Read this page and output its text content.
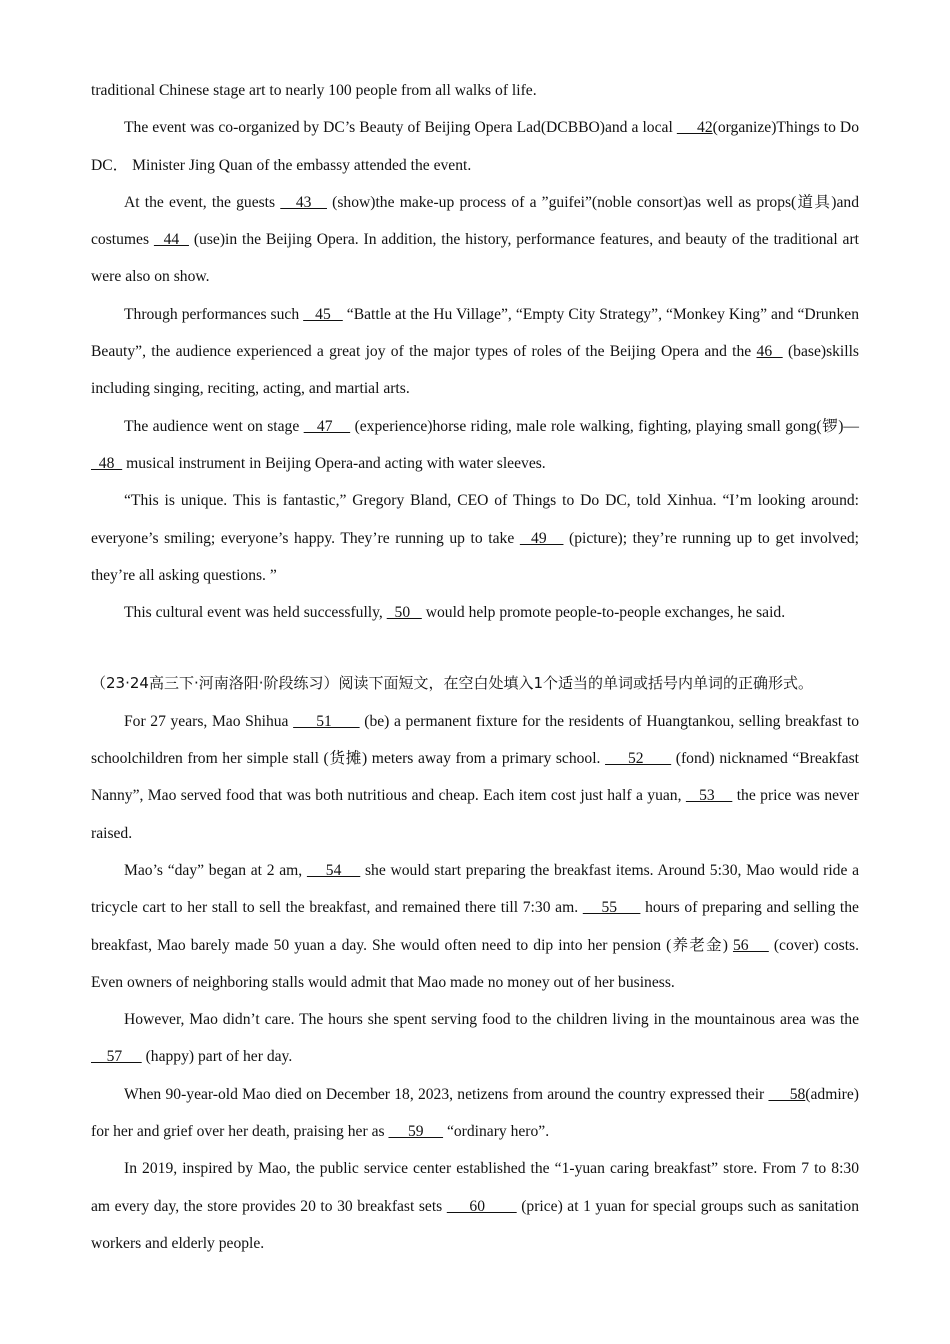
traditional Chinese stage art to nearly 100 people from all walks of life.

The event was co-organized by DC’s Beauty of Beijing Opera Lad(DCBBO)and a local      42(organize)Things to Do DC． Minister Jing Quan of the embassy attended the event.

At the event, the guests    43    (show)the make-up process of a ”guifei”(noble consort)as well as props(道具)and costumes   44   (use)in the Beijing Opera. In addition, the history, performance features, and beauty of the traditional art were also on show.

Through performances such    45    “Battle at the Hu Village”, “Empty City Strategy”, “Monkey King” and “Drunken Beauty”, the audience experienced a great joy of the major types of roles of the Beijing Opera and the 46   (base)skills including singing, reciting, acting, and martial arts.

The audience went on stage    47     (experience)horse riding, male role walking, fighting, playing small gong(锣)—   48   musical instrument in Beijing Opera-and acting with water sleeves.

“This is unique. This is fantastic,” Gregory Bland, CEO of Things to Do DC, told Xinhua. “I’m looking around: everyone’s smiling; everyone’s happy. They’re running up to take   49    (picture); they’re running up to get involved; they’re all asking questions. ”

This cultural event was held successfully,   50    would help promote people-to-people exchanges, he said.

（23·24高三下·河南洛阳·阶段练习）阅读下面短文，在空白处填入1个适当的单词或括号内单词的正确形式。

For 27 years, Mao Shihua      51       (be) a permanent fixture for the residents of Huangtankou, selling breakfast to schoolchildren from her simple stall (货摊) meters away from a primary school.      52       (fond) nicknamed “Breakfast Nanny”, Mao served food that was both nutritious and cheap. Each item cost just half a yuan,    53     the price was never raised.

Mao’s “day” began at 2 am,     54     she would start preparing the breakfast items. Around 5:30, Mao would ride a tricycle cart to her stall to sell the breakfast, and remained there till 7:30 am.     55      hours of preparing and selling the breakfast, Mao barely made 50 yuan a day. She would often need to dip into her pension (养老金) 56     (cover) costs. Even owners of neighboring stalls would admit that Mao made no money out of her business.

However, Mao didn’t care. The hours she spent serving food to the children living in the mountainous area was the     57      (happy) part of her day.

When 90-year-old Mao died on December 18, 2023, netizens from around the country expressed their      58(admire) for her and grief over her death, praising her as      59      “ordinary hero”.

In 2019, inspired by Mao, the public service center established the “1-yuan caring breakfast” store. From 7 to 8:30 am every day, the store provides 20 to 30 breakfast sets      60        (price) at 1 yuan for special groups such as sanitation workers and elderly people.
